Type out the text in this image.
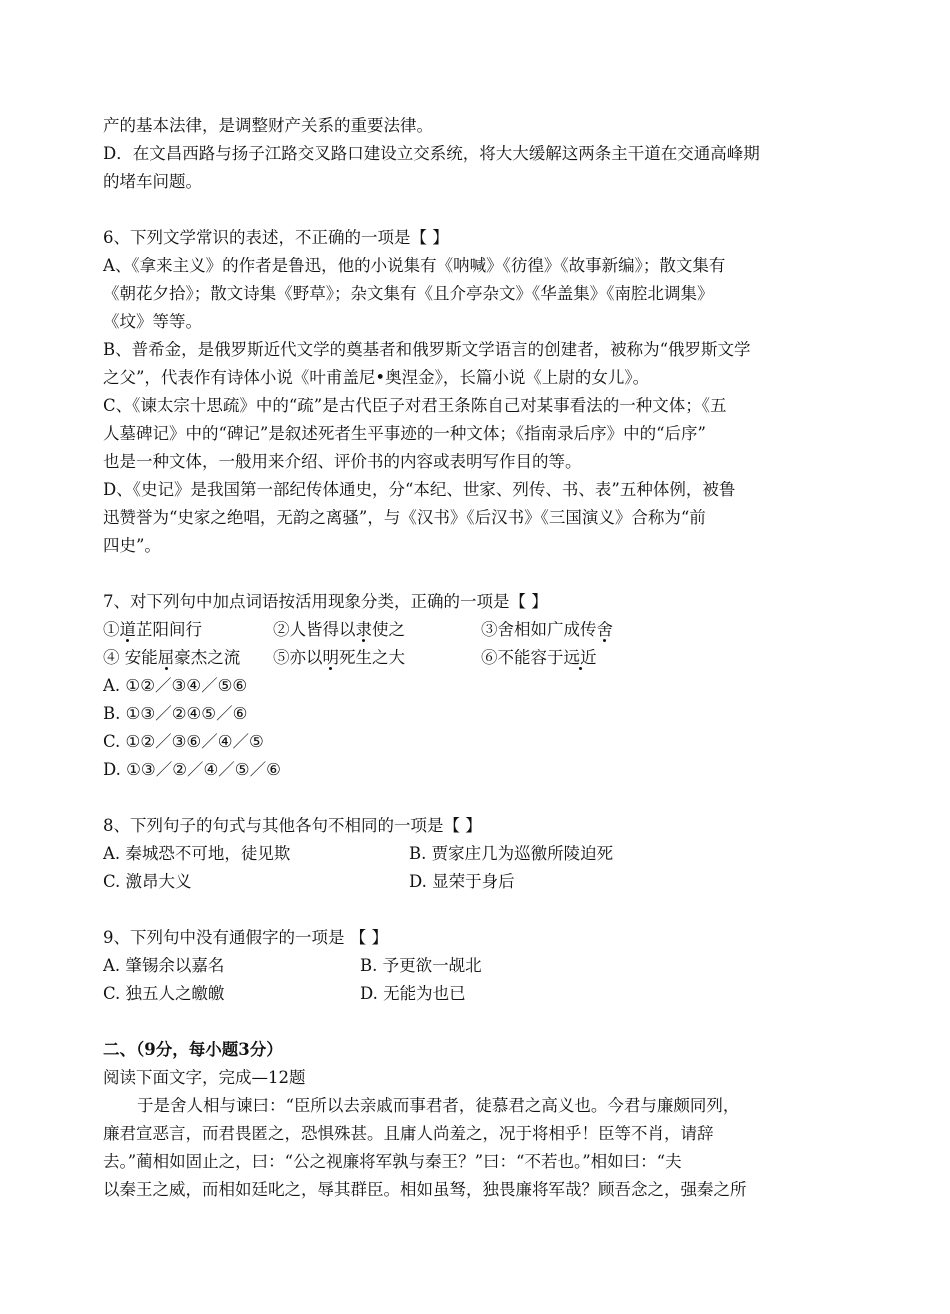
产的基本法律，是调整财产关系的重要法律。
D．在文昌西路与扬子江路交叉路口建设立交系统，将大大缓解这两条主干道在交通高峰期
的堵车问题。
6、下列文学常识的表述，不正确的一项是【 】
A、《拿来主义》的作者是鲁迅，他的小说集有《呐喊》《彷徨》《故事新编》；散文集有
《朝花夕拾》；散文诗集《野草》；杂文集有《且介亭杂文》《华盖集》《南腔北调集》
《坟》等等。
B、普希金，是俄罗斯近代文学的奠基者和俄罗斯文学语言的创建者，被称为“俄罗斯文学
之父”，代表作有诗体小说《叶甫盖尼•奥涅金》，长篇小说《上尉的女儿》。
C、《谏太宗十思疏》中的“疏”是古代臣子对君王条陈自己对某事看法的一种文体；《五
人墓碑记》中的“碑记”是叙述死者生平事迹的一种文体；《指南录后序》中的“后序”
也是一种文体，一般用来介绍、评价书的内容或表明写作目的等。
D、《史记》是我国第一部纪传体通史，分“本纪、世家、列传、书、表”五种体例，被鲁
迅赞誉为“史家之绝唱，无韵之离骚”，与《汉书》《后汉书》《三国演义》合称为“前
四史”。
7、对下列句中加点词语按活用现象分类，正确的一项是【 】
①道芷阳间行	②人皆得以隶使之	③舍相如广成传舍
④ 安能屈豪杰之流	⑤亦以明死生之大	⑥不能容于远近
A. ①②／③④／⑤⑥
B. ①③／②④⑤／⑥
C. ①②／③⑥／④／⑤
D. ①③／②／④／⑤／⑥
8、下列句子的句式与其他各句不相同的一项是【 】
A. 秦城恐不可地，徒见欺	B. 贾家庄几为巡徼所陵迫死
C. 激昂大义	D. 显荣于身后
9、下列句中没有通假字的一项是 【 】
A. 肇锡余以嘉名	B. 予更欲一觇北
C. 独五人之皦皦	D. 无能为也已
二、（9分，每小题3分）
阅读下面文字，完成—12题
于是舍人相与谏曰：“臣所以去亲戚而事君者，徒慕君之高义也。今君与廉颇同列，
廉君宣恶言，而君畏匿之，恐惧殊甚。且庸人尚羞之，况于将相乎！臣等不肖，请辞
去。”蔺相如固止之，曰：“公之视廉将军孰与秦王？”曰：“不若也。”相如曰：“夫
以秦王之威，而相如廷叱之，辱其群臣。相如虽驽，独畏廉将军哉？顾吾念之，强秦之所
